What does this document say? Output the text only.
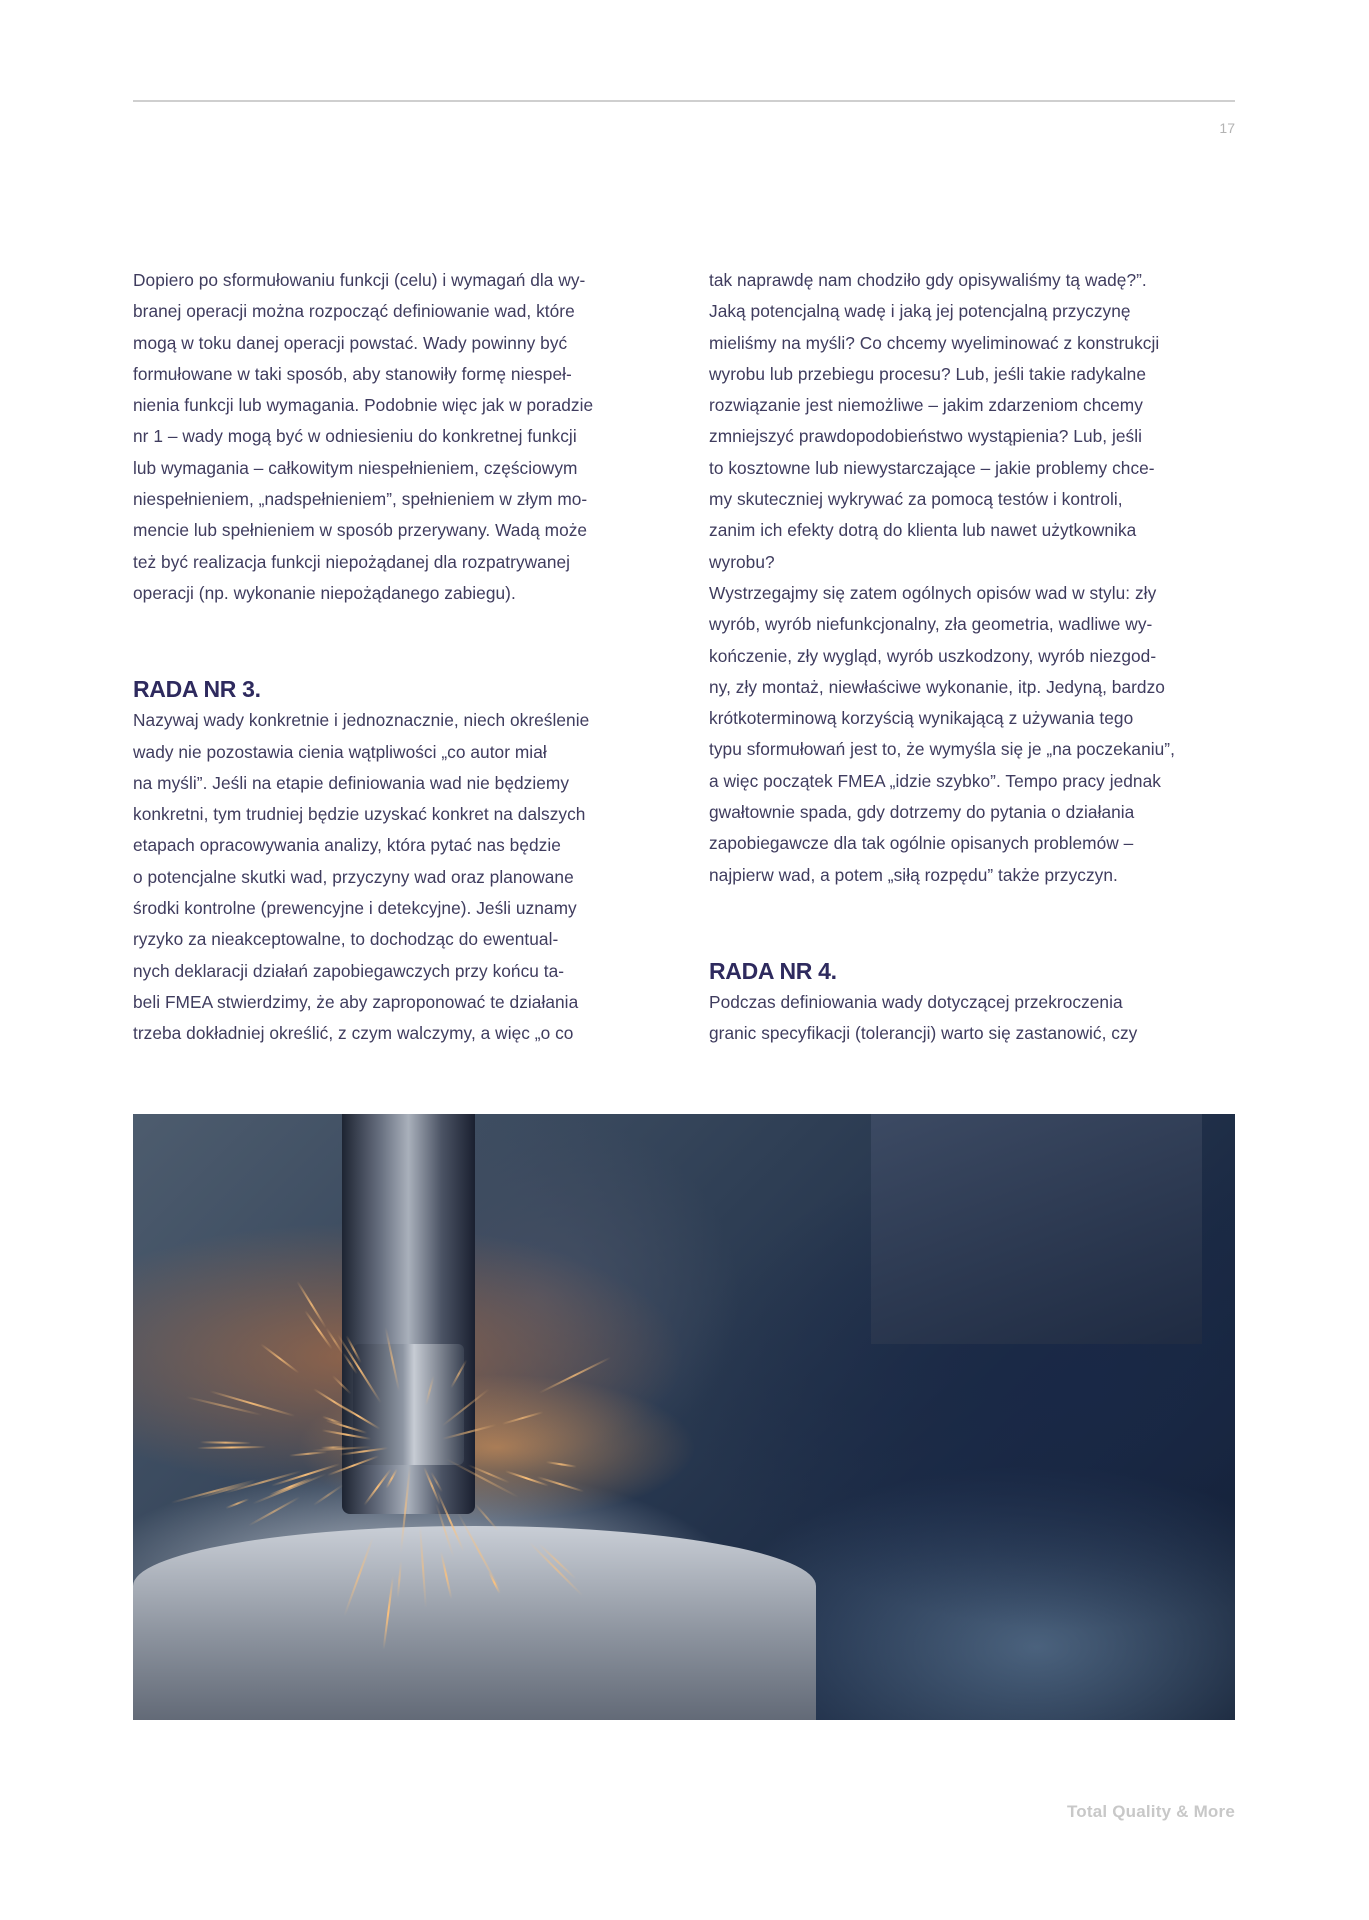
17

Dopiero po sformułowaniu funkcji (celu) i wymagań dla wy-

branej operacji można rozpocząć definiowanie wad, które

mogą w toku danej operacji powstać. Wady powinny być

formułowane w taki sposób, aby stanowiły formę niespeł-

nienia funkcji lub wymagania. Podobnie więc jak w poradzie

nr 1 – wady mogą być w odniesieniu do konkretnej funkcji

lub wymagania – całkowitym niespełnieniem, częściowym

niespełnieniem, „nadspełnieniem”, spełnieniem w złym mo-

mencie lub spełnieniem w sposób przerywany. Wadą może

też być realizacja funkcji niepożądanej dla rozpatrywanej

operacji (np. wykonanie niepożądanego zabiegu).

RADA NR 3.

Nazywaj wady konkretnie i jednoznacznie, niech określenie

wady nie pozostawia cienia wątpliwości „co autor miał

na myśli”. Jeśli na etapie definiowania wad nie będziemy

konkretni, tym trudniej będzie uzyskać konkret na dalszych

etapach opracowywania analizy, która pytać nas będzie

o potencjalne skutki wad, przyczyny wad oraz planowane

środki kontrolne (prewencyjne i detekcyjne). Jeśli uznamy

ryzyko za nieakceptowalne, to dochodząc do ewentual-

nych deklaracji działań zapobiegawczych przy końcu ta-

beli FMEA stwierdzimy, że aby zaproponować te działania

trzeba dokładniej określić, z czym walczymy, a więc „o co

tak naprawdę nam chodziło gdy opisywaliśmy tą wadę?”.

Jaką potencjalną wadę i jaką jej potencjalną przyczynę

mieliśmy na myśli? Co chcemy wyeliminować z konstrukcji

wyrobu lub przebiegu procesu? Lub, jeśli takie radykalne

rozwiązanie jest niemożliwe – jakim zdarzeniom chcemy

zmniejszyć prawdopodobieństwo wystąpienia? Lub, jeśli

to kosztowne lub niewystarczające – jakie problemy chce-

my skuteczniej wykrywać za pomocą testów i kontroli,

zanim ich efekty dotrą do klienta lub nawet użytkownika

wyrobu?

Wystrzegajmy się zatem ogólnych opisów wad w stylu: zły

wyrób, wyrób niefunkcjonalny, zła geometria, wadliwe wy-

kończenie, zły wygląd, wyrób uszkodzony, wyrób niezgod-

ny, zły montaż, niewłaściwe wykonanie, itp. Jedyną, bardzo

krótkoterminową korzyścią wynikającą z używania tego

typu sformułowań jest to, że wymyśla się je „na poczekaniu”,

a więc początek FMEA „idzie szybko”. Tempo pracy jednak

gwałtownie spada, gdy dotrzemy do pytania o działania

zapobiegawcze dla tak ogólnie opisanych problemów –

najpierw wad, a potem „siłą rozpędu” także przyczyn.

RADA NR 4.

Podczas definiowania wady dotyczącej przekroczenia

granic specyfikacji (tolerancji) warto się zastanowić, czy

Total Quality & More
